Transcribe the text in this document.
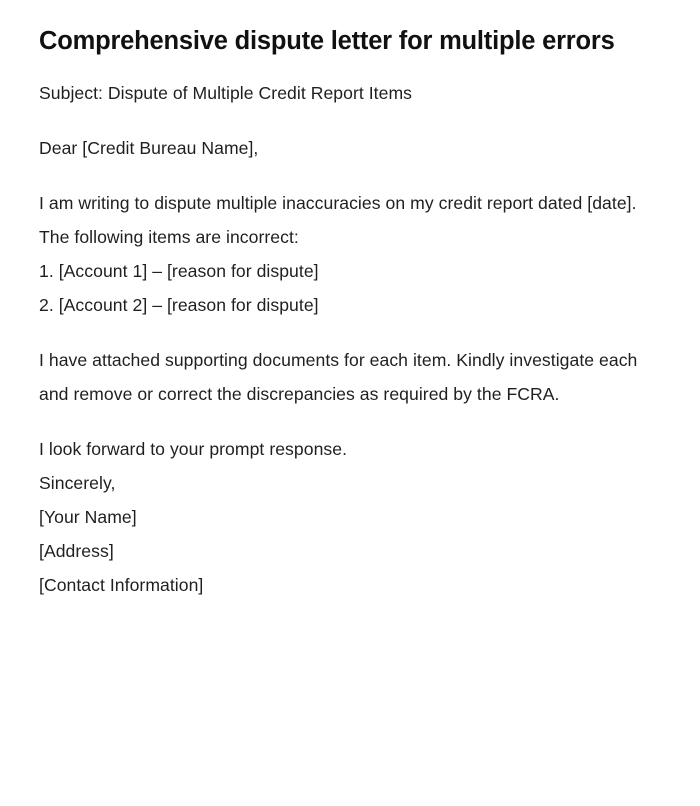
Comprehensive dispute letter for multiple errors

Subject: Dispute of Multiple Credit Report Items

Dear [Credit Bureau Name],

I am writing to dispute multiple inaccuracies on my credit report dated [date]. The following items are incorrect:

1. [Account 1] – [reason for dispute]

2. [Account 2] – [reason for dispute]

I have attached supporting documents for each item. Kindly investigate each and remove or correct the discrepancies as required by the FCRA.

I look forward to your prompt response.

Sincerely,

[Your Name]

[Address]

[Contact Information]
